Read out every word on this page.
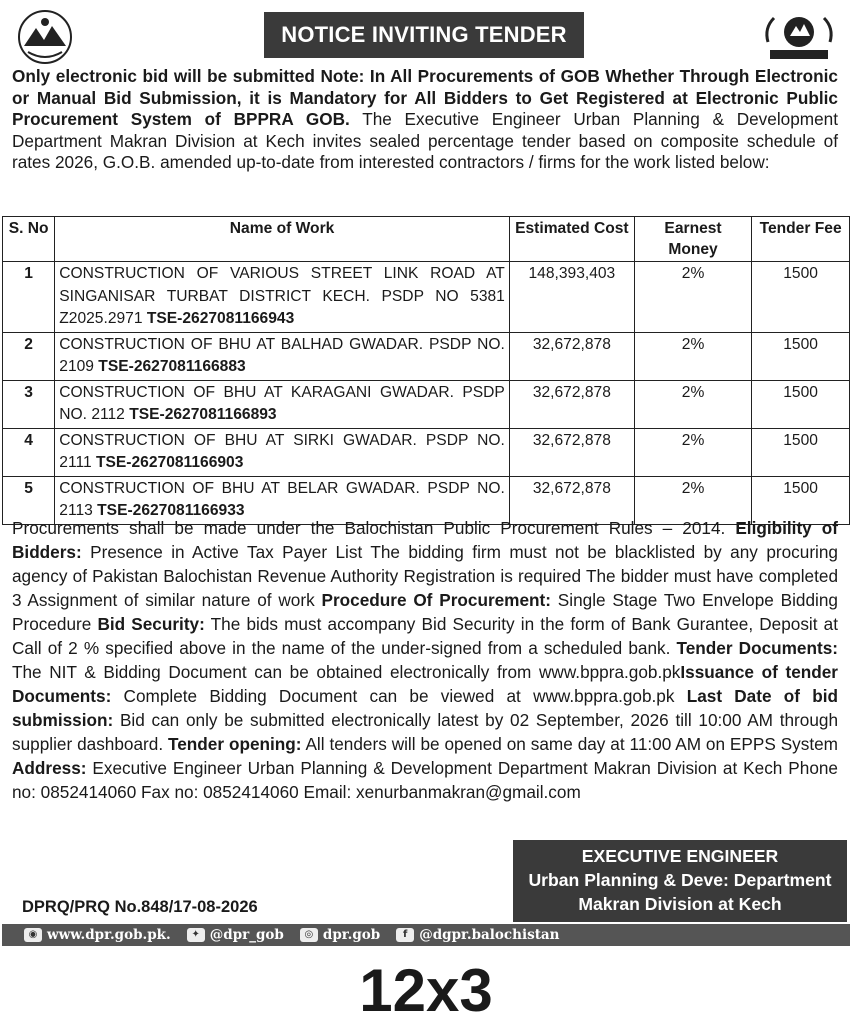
NOTICE INVITING TENDER
Only electronic bid will be submitted Note: In All Procurements of GOB Whether Through Electronic or Manual Bid Submission, it is Mandatory for All Bidders to Get Registered at Electronic Public Procurement System of BPPRA GOB. The Executive Engineer Urban Planning & Development Department Makran Division at Kech invites sealed percentage tender based on composite schedule of rates 2026, G.O.B. amended up-to-date from interested contractors / firms for the work listed below:
S. No	Name of Work	Estimated Cost	Earnest Money	Tender Fee
1	CONSTRUCTION OF VARIOUS STREET LINK ROAD AT SINGANISAR TURBAT DISTRICT KECH. PSDP NO 5381 Z2025.2971 TSE-2627081166943	148,393,403	2%	1500
2	CONSTRUCTION OF BHU AT BALHAD GWADAR. PSDP NO. 2109 TSE-2627081166883	32,672,878	2%	1500
3	CONSTRUCTION OF BHU AT KARAGANI GWADAR. PSDP NO. 2112 TSE-2627081166893	32,672,878	2%	1500
4	CONSTRUCTION OF BHU AT SIRKI GWADAR. PSDP NO. 2111 TSE-2627081166903	32,672,878	2%	1500
5	CONSTRUCTION OF BHU AT BELAR GWADAR. PSDP NO. 2113 TSE-2627081166933	32,672,878	2%	1500
Procurements shall be made under the Balochistan Public Procurement Rules – 2014. Eligibility of Bidders: Presence in Active Tax Payer List The bidding firm must not be blacklisted by any procuring agency of Pakistan Balochistan Revenue Authority Registration is required The bidder must have completed 3 Assignment of similar nature of work Procedure Of Procurement: Single Stage Two Envelope Bidding Procedure Bid Security: The bids must accompany Bid Security in the form of Bank Gurantee, Deposit at Call of 2 % specified above in the name of the under-signed from a scheduled bank. Tender Documents: The NIT & Bidding Document can be obtained electronically from www.bppra.gob.pkIssuance of tender Documents: Complete Bidding Document can be viewed at www.bppra.gob.pk Last Date of bid submission: Bid can only be submitted electronically latest by 02 September, 2026 till 10:00 AM through supplier dashboard. Tender opening: All tenders will be opened on same day at 11:00 AM on EPPS System Address: Executive Engineer Urban Planning & Development Department Makran Division at Kech Phone no: 0852414060 Fax no: 0852414060 Email: xenurbanmakran@gmail.com
EXECUTIVE ENGINEER
Urban Planning & Deve: Department
Makran Division at Kech
DPRQ/PRQ No.848/17-08-2026
◉ www.dpr.gob.pk.	✦ @dpr_gob	◎ dpr.gob	f @dgpr.balochistan
12x3
